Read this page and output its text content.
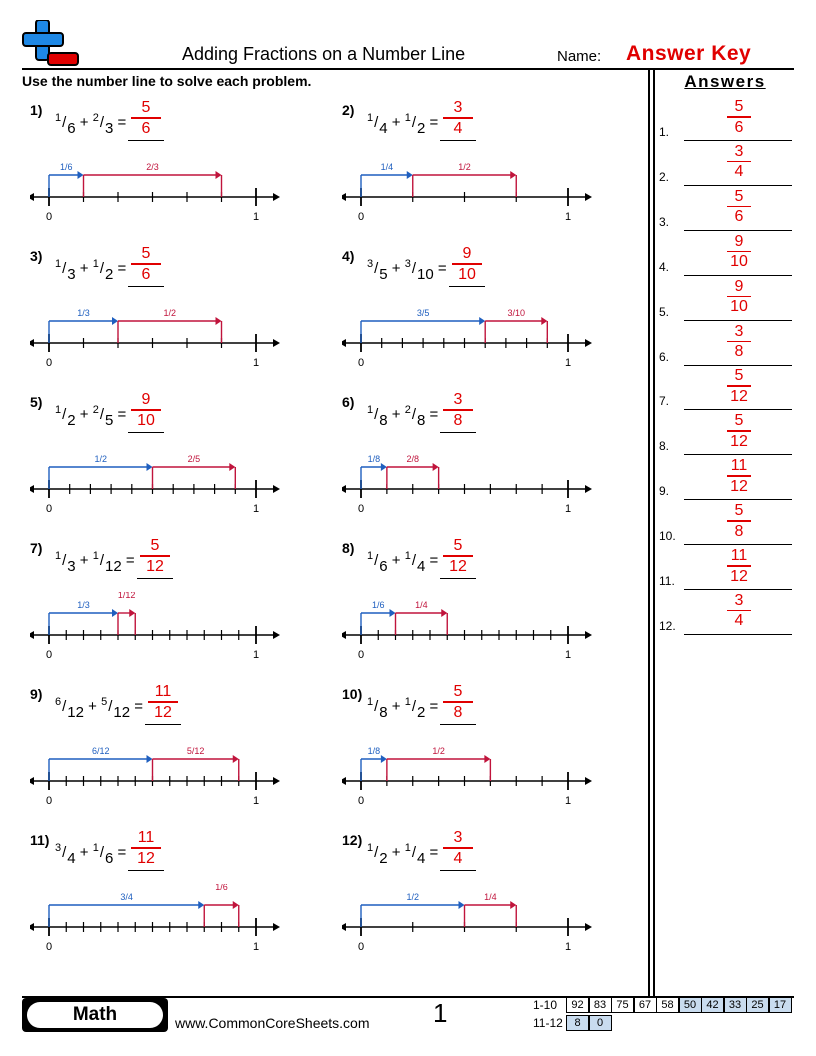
Adding Fractions on a Number Line	Name: Answer Key
Use the number line to solve each problem.	Answers
1.
5
6
2.
3
4
3.
5
6
4.
9
10
5.
9
10
6.
3
8
7.
5
12
8.
5
12
9.
11
12
10.
5
8
11.
11
12
12.
3
4
1) $^1$/6 + $^2$/3 =
5
6
0	1
1/6	2/3
2) $^1$/4 + $^1$/2 =
3
4
0	1
1/4	1/2
3) $^1$/3 + $^1$/2 =
5
6
0	1
1/3	1/2
4) $^3$/5 + $^3$/10 =
9
10
0	1
3/5	3/10
5) $^1$/2 + $^2$/5 =
9
10
0	1
1/2	2/5
6) $^1$/8 + $^2$/8 =
3
8
0	1
1/8	2/8
7) $^1$/3 + $^1$/12 =
5
12
0	1
1/3
1/12
8) $^1$/6 + $^1$/4 =
5
12
0	1
1/6	1/4
9) $^6$/12 + $^5$/12 =
11
12
0	1
6/12	5/12
10) $^1$/8 + $^1$/2 =
5
8
0	1
1/8	1/2
11) $^3$/4 + $^1$/6 =
11
12
0	1
3/4
1/6
12) $^1$/2 + $^1$/4 =
3
4
0	1
1/2	1/4
Math	www.CommonCoreSheets.com 1	1-10	92 83 75 67 58 50 42 33 25 17
11-12	8	0
